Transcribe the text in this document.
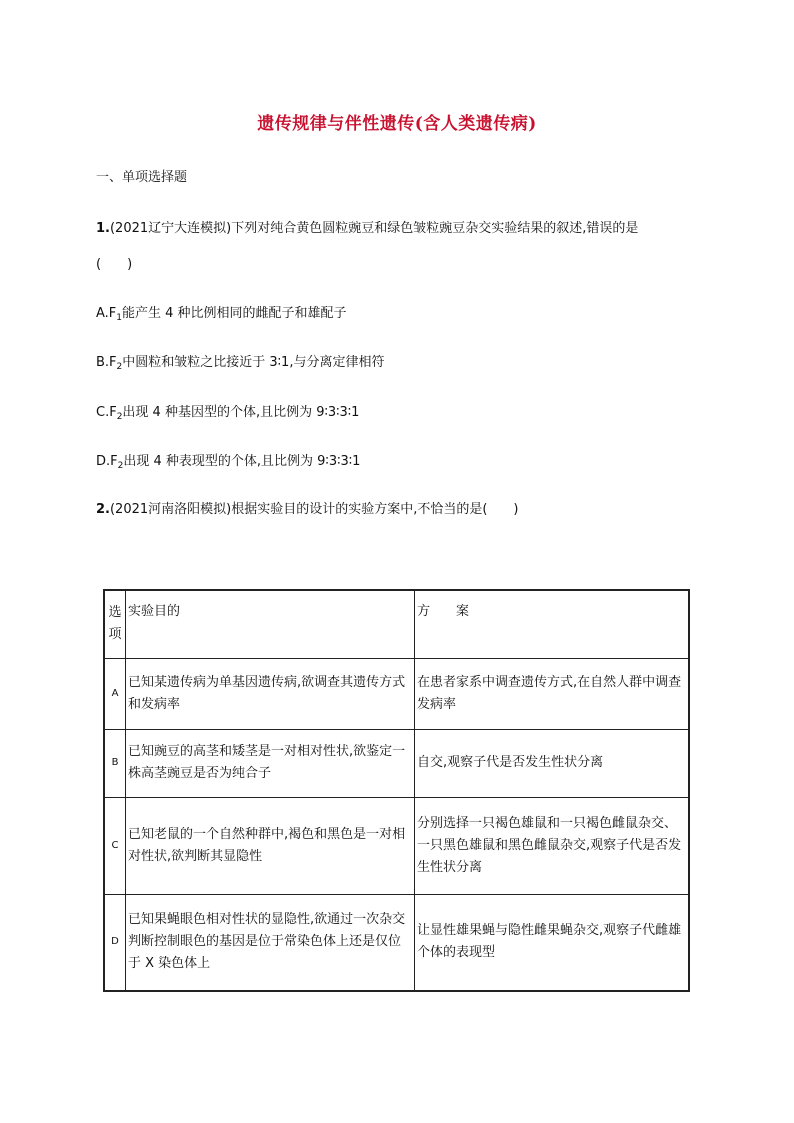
遗传规律与伴性遗传(含人类遗传病)
一、单项选择题
1.(2021辽宁大连模拟)下列对纯合黄色圆粒豌豆和绿色皱粒豌豆杂交实验结果的叙述,错误的是
(　　)
$A.F_1$能产生 4 种比例相同的雌配子和雄配子
$B.F_2$中圆粒和皱粒之比接近于 3∶1,与分离定律相符
$C.F_2$出现 4 种基因型的个体,且比例为 9∶3∶3∶1
$D.F_2$出现 4 种表现型的个体,且比例为 9∶3∶3∶1
2.(2021河南洛阳模拟)根据实验目的设计的实验方案中,不恰当的是(　　)
选项	实验目的	方　　案
A	已知某遗传病为单基因遗传病,欲调查其遗传方式和发病率	在患者家系中调查遗传方式,在自然人群中调查发病率
B	已知豌豆的高茎和矮茎是一对相对性状,欲鉴定一株高茎豌豆是否为纯合子	自交,观察子代是否发生性状分离
C	已知老鼠的一个自然种群中,褐色和黑色是一对相对性状,欲判断其显隐性	分别选择一只褐色雄鼠和一只褐色雌鼠杂交、一只黑色雄鼠和黑色雌鼠杂交,观察子代是否发生性状分离
D	已知果蝇眼色相对性状的显隐性,欲通过一次杂交判断控制眼色的基因是位于常染色体上还是仅位于 X 染色体上	让显性雄果蝇与隐性雌果蝇杂交,观察子代雌雄个体的表现型
